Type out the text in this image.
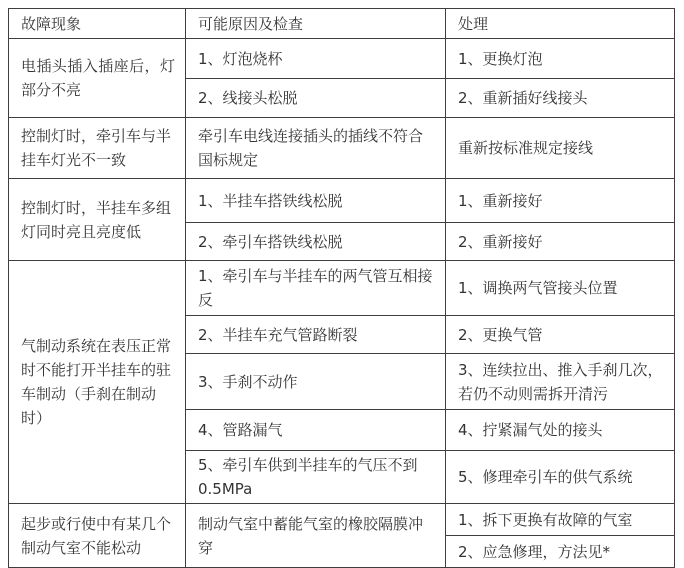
故障现象	可能原因及检查	处理
电插头插入插座后，灯部分不亮	1、灯泡烧杯	1、更换灯泡
	2、线接头松脱	2、重新插好线接头
控制灯时，牵引车与半挂车灯光不一致	牵引车电线连接插头的插线不符合国标规定	重新按标准规定接线
控制灯时，半挂车多组灯同时亮且亮度低	1、半挂车搭铁线松脱	1、重新接好
	2、牵引车搭铁线松脱	2、重新接好
气制动系统在表压正常时不能打开半挂车的驻车制动（手刹在制动时）	1、牵引车与半挂车的两气管互相接反	1、调换两气管接头位置
	2、半挂车充气管路断裂	2、更换气管
	3、手刹不动作	3、连续拉出、推入手刹几次，若仍不动则需拆开清污
	4、管路漏气	4、拧紧漏气处的接头
	5、牵引车供到半挂车的气压不到0.5MPa	5、修理牵引车的供气系统
起步或行使中有某几个制动气室不能松动	制动气室中蓄能气室的橡胶隔膜冲穿	1、拆下更换有故障的气室
		2、应急修理，方法见*
